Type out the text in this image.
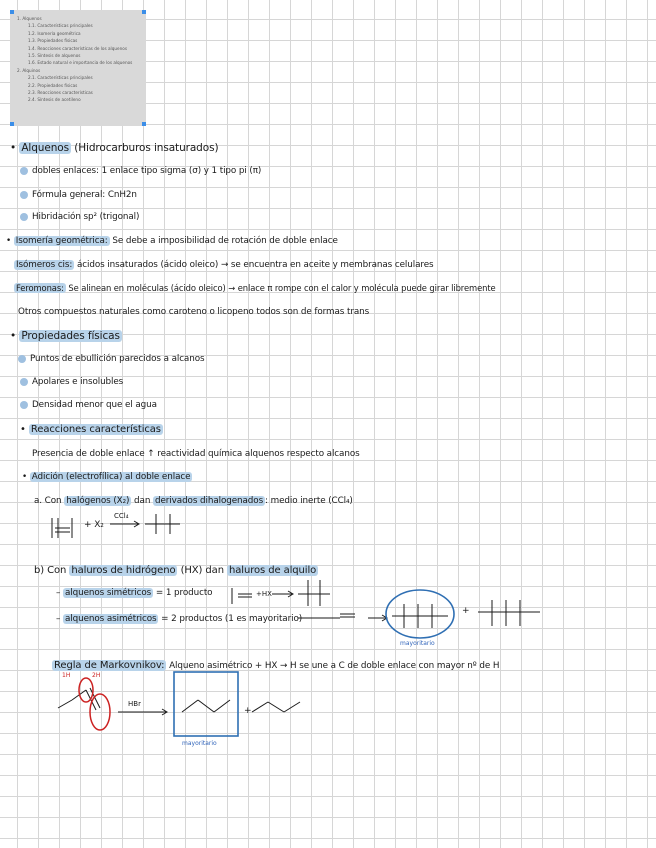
1. Alquenos
1.1. Características principales
1.2. Isomería geométrica
1.3. Propiedades físicas
1.4. Reacciones características de los alquenos
1.5. Síntesis de alquenos
1.6. Estado natural e importancia de los alquenos
2. Alquinos
2.1. Características principales
2.2. Propiedades físicas
2.3. Reacciones características
2.4. Síntesis de acetileno
• Alquenos (Hidrocarburos insaturados)
dobles enlaces: 1 enlace tipo sigma (σ) y 1 tipo pi (π)
Fórmula general: CnH2n
Hibridación sp² (trigonal)
• Isomería geométrica: Se debe a imposibilidad de rotación de doble enlace
Isómeros cis: ácidos insaturados (ácido oleico) → se encuentra en aceite y membranas celulares
Feromonas: Se alinean en moléculas (ácido oleico) → enlace π rompe con el calor y molécula puede girar libremente
Otros compuestos naturales como caroteno o licopeno todos son de formas trans
• Propiedades físicas
Puntos de ebullición parecidos a alcanos
Apolares e insolubles
Densidad menor que el agua
• Reacciones características
Presencia de doble enlace ↑ reactividad química alquenos respecto alcanos
• Adición (electrofílica) al doble enlace
a. Con halógenos (X₂) dan derivados dihalogenados : medio inerte (CCl₄)
b) Con haluros de hidrógeno (HX) dan haluros de alquilo
– alquenos simétricos = 1 producto
– alquenos asimétricos = 2 productos (1 es mayoritario)
Regla de Markovnikov: Alqueno asimétrico + HX → H se une a C de doble enlace con mayor nº de H
CCl₄
+ X₂
+HX
mayoritario
1H	2H
HBr
+
+
mayoritario
